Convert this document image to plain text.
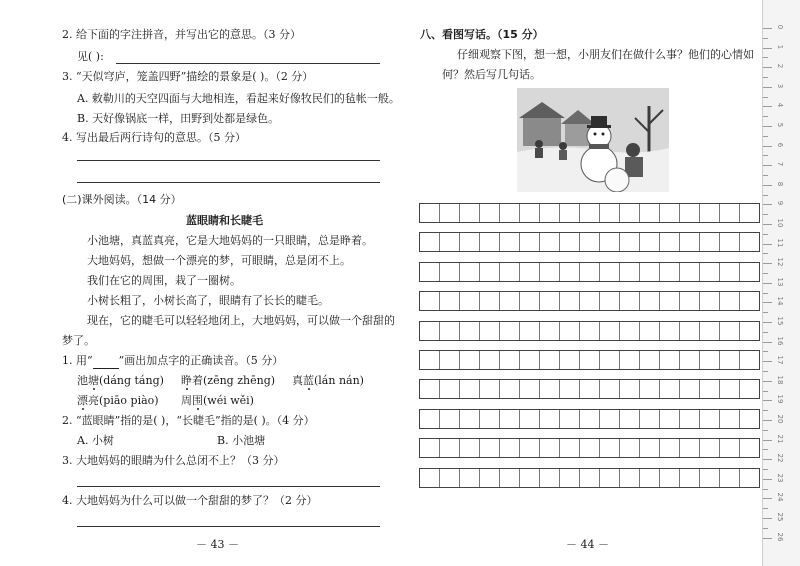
2. 给下面的字注拼音，并写出它的意思。（3 分）
见( ):
3. “天似穹庐，笼盖四野”描绘的景象是( )。（2 分）
A. 敕勒川的天空四面与大地相连，看起来好像牧民们的毡帐一般。
B. 天好像锅底一样，田野到处都是绿色。
4. 写出最后两行诗句的意思。（5 分）
(二)课外阅读。（14 分）
蓝眼睛和长睫毛
小池塘，真蓝真亮，它是大地妈妈的一只眼睛，总是睁着。
大地妈妈，想做一个漂亮的梦，可眼睛，总是闭不上。
我们在它的周围，栽了一圈树。
小树长粗了，小树长高了，眼睛有了长长的睫毛。
现在，它的睫毛可以轻轻地闭上，大地妈妈，可以做一个甜甜的
梦了。
1. 用“ ”画出加点字的正确读音。（5 分）
池塘(dáng táng) 睁着(zēng zhēng) 真蓝(lán nán)
漂亮(piāo piào) 周围(wéi wěi)
2. “蓝眼睛”指的是( )，“长睫毛”指的是( )。（4 分）
A. 小树	B. 小池塘
3. 大地妈妈的眼睛为什么总闭不上？（3 分）
4. 大地妈妈为什么可以做一个甜甜的梦了？（2 分）
－ 43 －
八、看图写话。（15 分）
仔细观察下图，想一想，小朋友们在做什么事？他们的心情如
何？然后写几句话。
－ 44 －
0
1
2
3
4
5
6
7
8
9
10
11
12
13
14
15
16
17
18
19
20
21
22
23
24
25
26
